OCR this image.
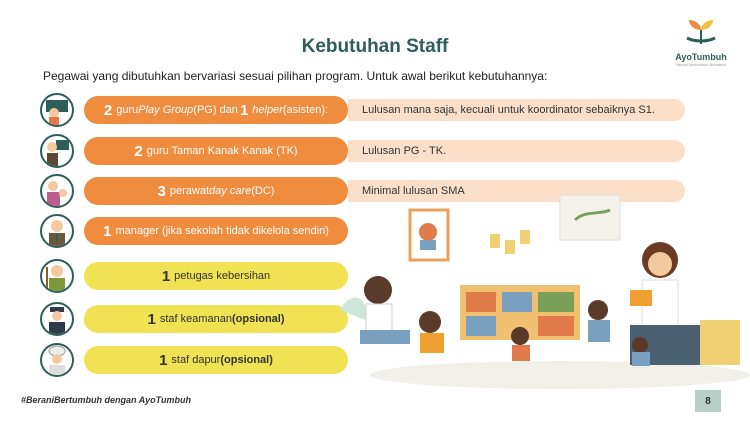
Kebutuhan Staff	AyoTumbuh
Berani Bertumbuh Bersama
Pegawai yang dibutuhkan bervariasi sesuai pilihan program. Untuk awal berikut kebutuhannya:
2 guru Play Group (PG) dan 1 helper (asisten):	Lulusan mana saja, kecuali untuk koordinator sebaiknya S1.
2 guru Taman Kanak Kanak (TK)	Lulusan PG - TK.
3 perawat day care (DC)	Minimal lulusan SMA
1 manager (jika sekolah tidak dikelola sendiri)
1 petugas kebersihan
1 staf keamanan (opsional)
1 staf dapur (opsional)
#BeraniBertumbuh dengan AyoTumbuh	8
